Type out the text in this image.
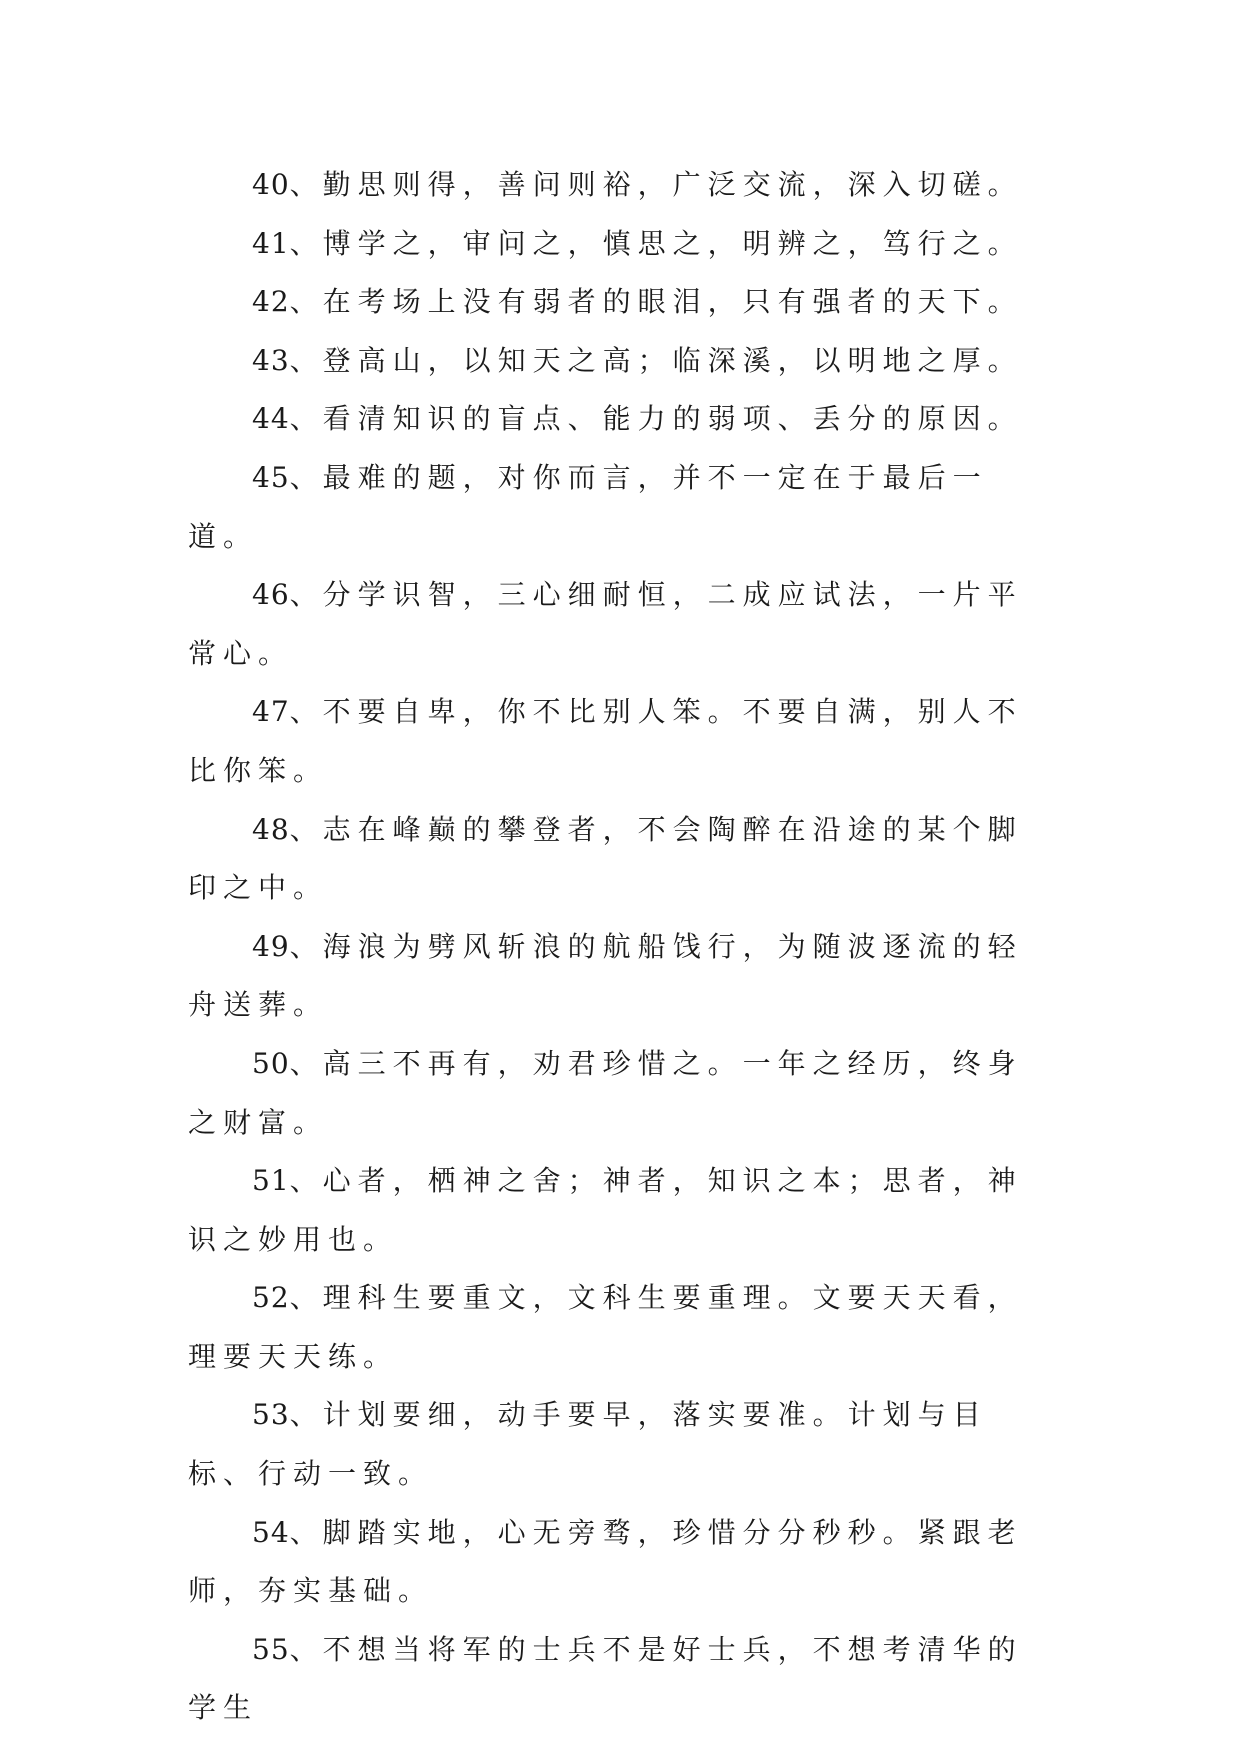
40、 勤思则得，善问则裕，广泛交流，深入切磋。

41、 博学之，审问之，慎思之，明辨之，笃行之。

42、 在考场上没有弱者的眼泪，只有强者的天下。

43、 登高山，以知天之高；临深溪，以明地之厚。

44、 看清知识的盲点、能力的弱项、丢分的原因。

45、 最难的题，对你而言，并不一定在于最后一道。

46、 分学识智，三心细耐恒，二成应试法，一片平常心。

47、 不要自卑，你不比别人笨。不要自满，别人不比你笨。

48、 志在峰巅的攀登者，不会陶醉在沿途的某个脚印之中。

49、 海浪为劈风斩浪的航船饯行，为随波逐流的轻舟送葬。

50、 高三不再有，劝君珍惜之。一年之经历，终身之财富。

51、 心者，栖神之舍；神者，知识之本；思者，神识之妙用也。

52、 理科生要重文，文科生要重理。文要天天看，理要天天练。

53、 计划要细，动手要早，落实要准。计划与目标、行动一致。

54、 脚踏实地，心无旁骛，珍惜分分秒秒。紧跟老师，夯实基础。

55、 不想当将军的士兵不是好士兵，不想考清华的学生
